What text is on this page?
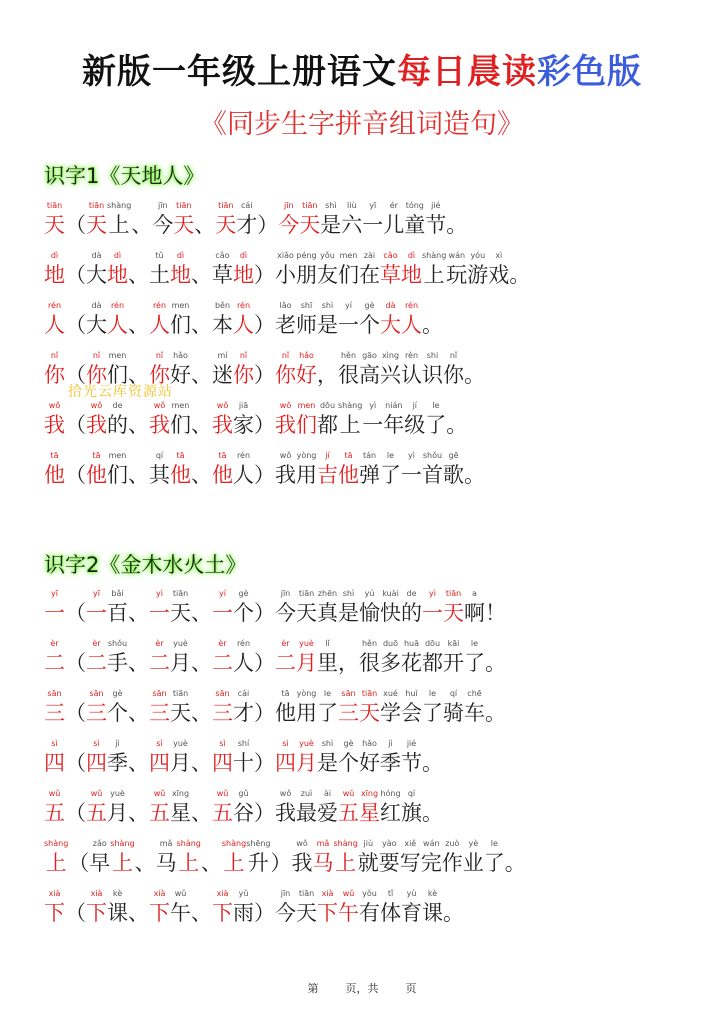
新版一年级上册语文每日晨读彩色版
《同步生字拼音组词造句》
识字1《天地人》
tiān
天 （
tiān
天
shàng
上 、
jīn
今
tiān
天 、
tiān
天
cái
才 ）
jīn
今
tiān
天
shì
是
liù
六
yī
一
ér
儿
tóng
童
jié
节 。
dì
地 （
dà
大
dì
地 、
tǔ
土
dì
地 、
cǎo
草
dì
地 ）
xiǎo
小
péng
朋
yǒu
友
men
们
zài
在
cǎo
草
dì
地
shàng
上
wán
玩
yóu
游
xì
戏 。
rén
人 （
dà
大
rén
人 、
rén
人
men
们 、
běn
本
rén
人 ）
lǎo
老
shī
师
shì
是
yí
一
gè
个
dà
大
rén
人 。
nǐ
你 （
nǐ
你
men
们 、
nǐ
你
hǎo
好 、
mí
迷
nǐ
你 ）
nǐ
你
hǎo
好 ，
hěn
很
gāo
高
xìng
兴
rèn
认
shi
识
nǐ
你 。
wǒ
我 （
wǒ
我
de
的 、
wǒ
我
men
们 、
wǒ
我
jiā
家 ）
wǒ
我
men
们
dōu
都
shàng
上
yì
一
nián
年
jí
级
le
了 。
tā
他 （
tā
他
men
们 、
qí
其
tā
他 、
tā
他
rén
人 ）
wǒ
我
yòng
用
jí
吉
tā
他
tán
弹
le
了
yì
一
shǒu
首
gē
歌 。
拾光云库资源站
识字2《金木水火土》
yī
一 （
yī
一
bǎi
百 、
yì
一
tiān
天 、
yí
一
gè
个 ）
jīn
今
tiān
天
zhēn
真
shì
是
yú
愉
kuài
快
de
的
yì
一
tiān
天
a
啊 ！
èr
二 （
èr
二
shǒu
手 、
èr
二
yuè
月 、
èr
二
rén
人 ）
èr
二
yuè
月
lǐ
里 ，
hěn
很
duō
多
huā
花
dōu
都
kāi
开
le
了 。
sān
三 （
sān
三
gè
个 、
sān
三
tiān
天 、
sān
三
cái
才 ）
tā
他
yòng
用
le
了
sān
三
tiān
天
xué
学
huì
会
le
了
qí
骑
chē
车 。
sì
四 （
sì
四
jì
季 、
sì
四
yuè
月 、
sì
四
shí
十 ）
sì
四
yuè
月
shì
是
gè
个
hǎo
好
jì
季
jié
节 。
wǔ
五 （
wǔ
五
yuè
月 、
wǔ
五
xīng
星 、
wǔ
五
gǔ
谷 ）
wǒ
我
zuì
最
ài
爱
wǔ
五
xīng
星
hóng
红
qí
旗 。
shàng
上 （
zǎo
早
shàng
上 、
mǎ
马
shàng
上 、
shàng
上
shēng
升 ）
wǒ
我
mǎ
马
shàng
上
jiù
就
yào
要
xiě
写
wán
完
zuò
作
yè
业
le
了 。
xià
下 （
xià
下
kè
课 、
xià
下
wǔ
午 、
xià
下
yǔ
雨 ）
jīn
今
tiān
天
xià
下
wǔ
午
yǒu
有
tǐ
体
yù
育
kè
课 。
第 页，共 页
